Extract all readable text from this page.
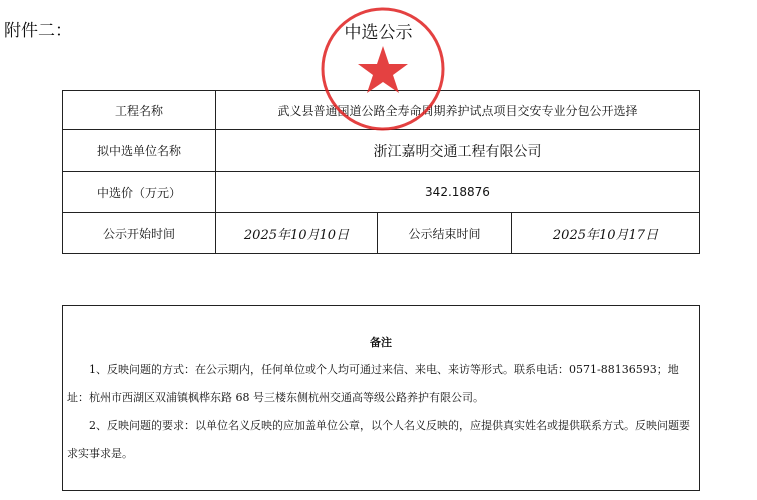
附件二：	中选公示
工程名称	武义县普通国道公路全寿命周期养护试点项目交安专业分包公开选择		
拟中选单位名称	浙江嘉明交通工程有限公司		
中选价（万元）	342.18876		
公示开始时间	2025年10月10日	公示结束时间	2025年10月17日
备注

1、反映问题的方式：在公示期内，任何单位或个人均可通过来信、来电、来访等形式。联系电话：0571-88136593；地址：杭州市西湖区双浦镇枫桦东路 68 号三楼东侧杭州交通高等级公路养护有限公司。

2、反映问题的要求：以单位名义反映的应加盖单位公章，以个人名义反映的，应提供真实姓名或提供联系方式。反映问题要求实事求是。
